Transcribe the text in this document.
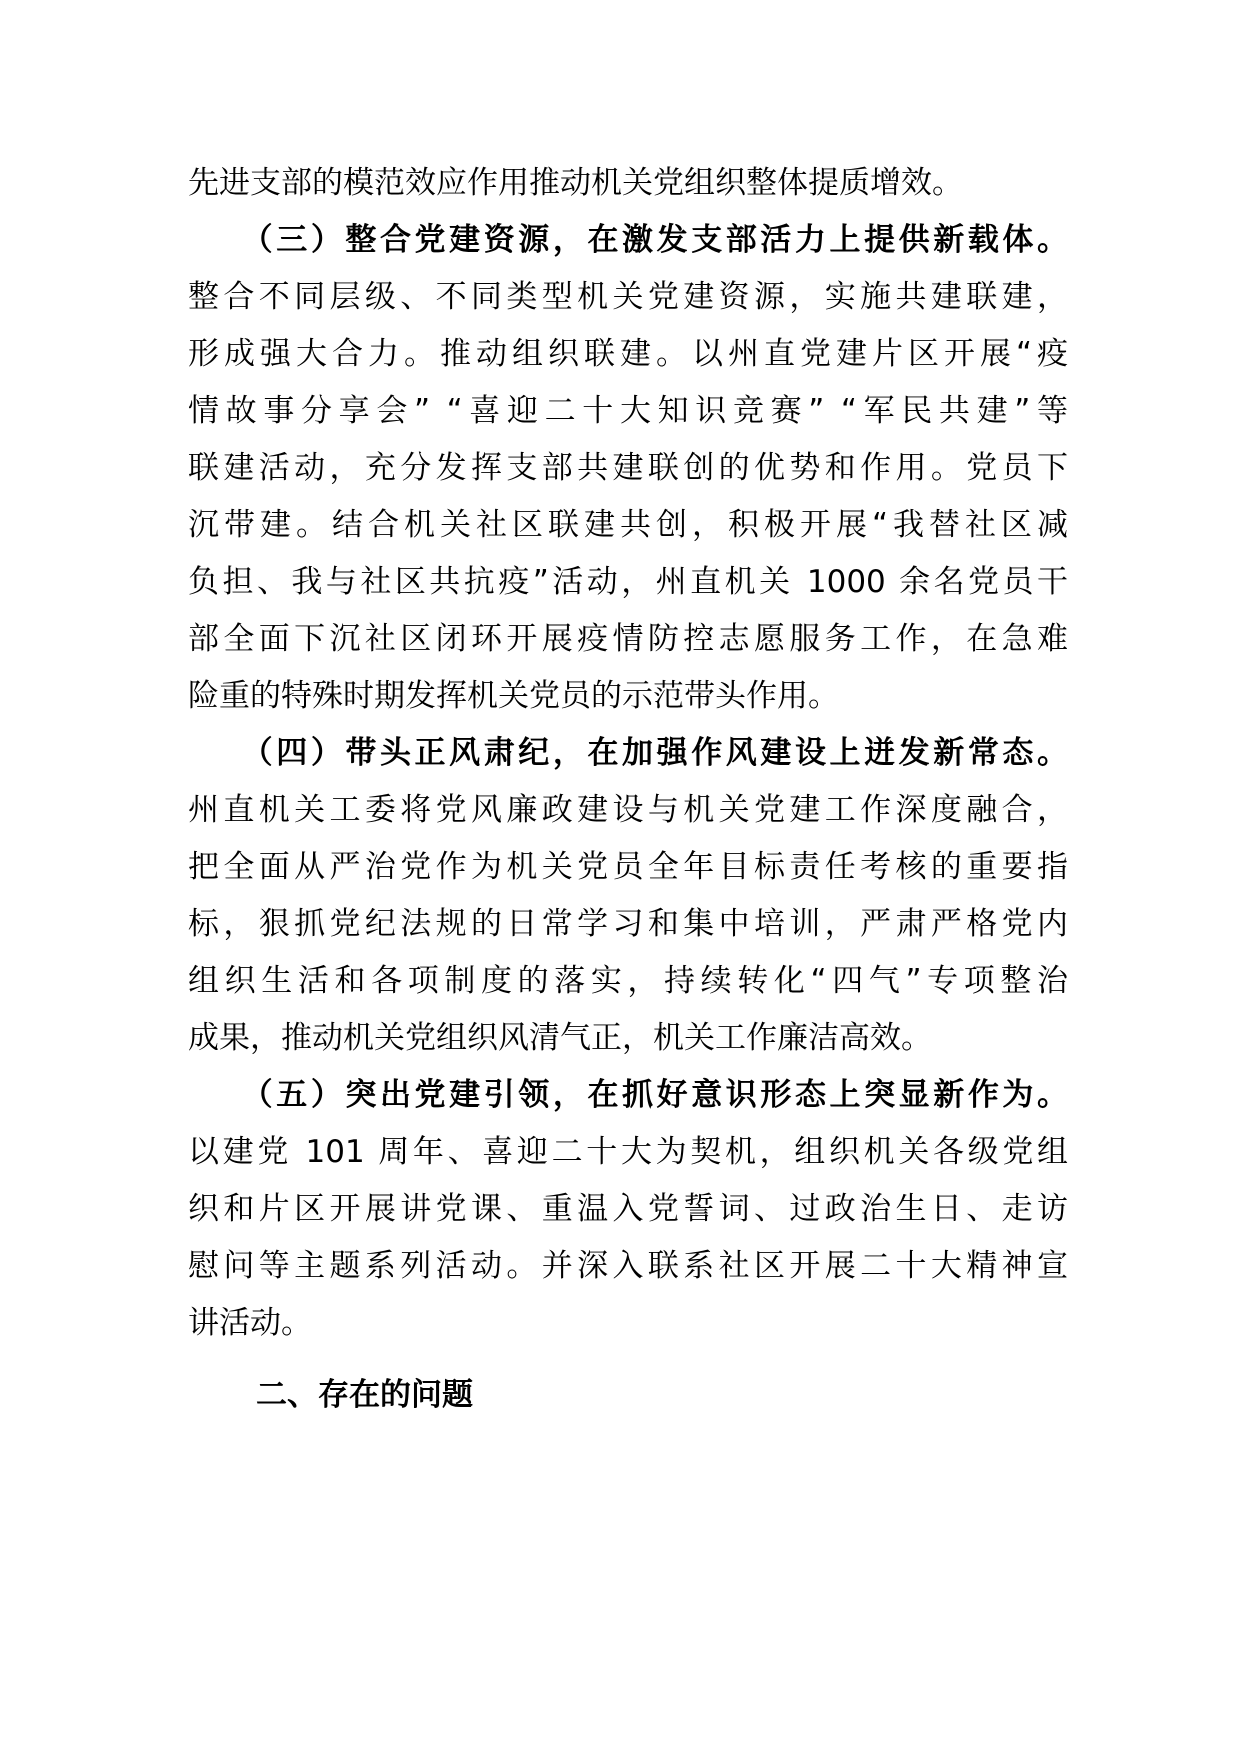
先进支部的模范效应作用推动机关党组织整体提质增效。
　　（三）整合党建资源，在激发支部活力上提供新载体。
整合不同层级、不同类型机关党建资源，实施共建联建，
形成强大合力。推动组织联建。以州直党建片区开展“疫
情故事分享会” “喜迎二十大知识竞赛” “军民共建”等
联建活动，充分发挥支部共建联创的优势和作用。党员下
沉带建。结合机关社区联建共创，积极开展“我替社区减
负担、我与社区共抗疫”活动，州直机关 1000 余名党员干
部全面下沉社区闭环开展疫情防控志愿服务工作，在急难
险重的特殊时期发挥机关党员的示范带头作用。
　　（四）带头正风肃纪，在加强作风建设上迸发新常态。
州直机关工委将党风廉政建设与机关党建工作深度融合，
把全面从严治党作为机关党员全年目标责任考核的重要指
标，狠抓党纪法规的日常学习和集中培训，严肃严格党内
组织生活和各项制度的落实，持续转化“四气”专项整治
成果，推动机关党组织风清气正，机关工作廉洁高效。
　　（五）突出党建引领，在抓好意识形态上突显新作为。
以建党 101 周年、喜迎二十大为契机，组织机关各级党组
织和片区开展讲党课、重温入党誓词、过政治生日、走访
慰问等主题系列活动。并深入联系社区开展二十大精神宣
讲活动。
二、存在的问题
